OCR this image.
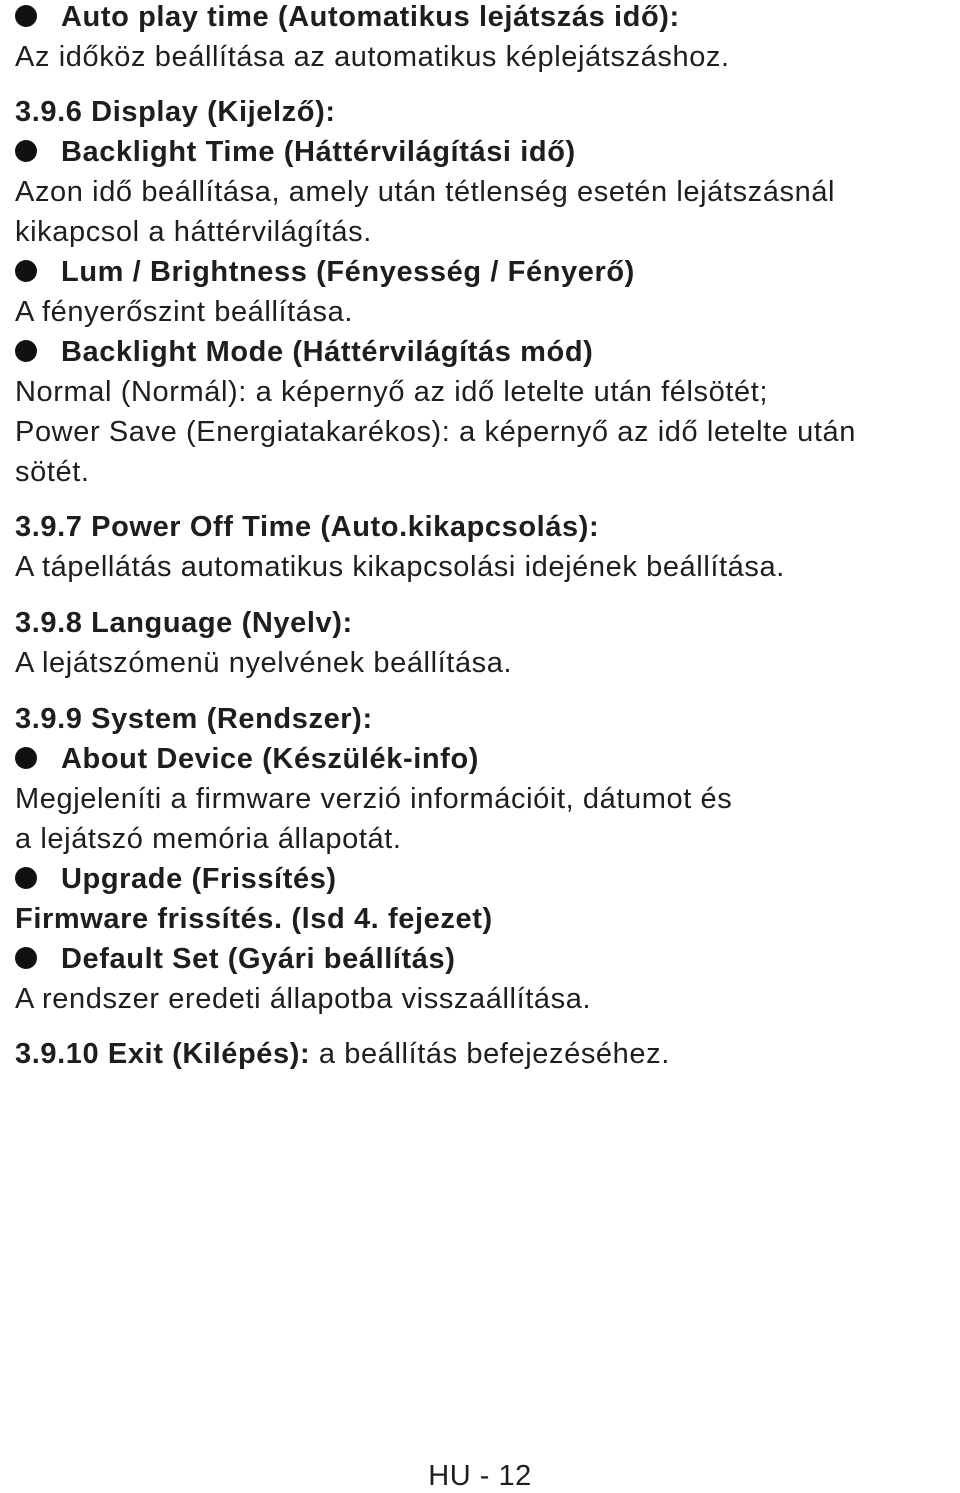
Auto play time (Automatikus lejátszás idő):
Az időköz beállítása az automatikus képlejátszáshoz.
3.9.6 Display (Kijelző):
Backlight Time (Háttérvilágítási idő)
Azon idő beállítása, amely után tétlenség esetén lejátszásnál
kikapcsol a háttérvilágítás.
Lum / Brightness (Fényesség / Fényerő)
A fényerőszint beállítása.
Backlight Mode (Háttérvilágítás mód)
Normal (Normál): a képernyő az idő letelte után félsötét;
Power Save (Energiatakarékos): a képernyő az idő letelte után
sötét.
3.9.7 Power Off Time (Auto.kikapcsolás):
A tápellátás automatikus kikapcsolási idejének beállítása.
3.9.8 Language (Nyelv):
A lejátszómenü nyelvének beállítása.
3.9.9 System (Rendszer):
About Device (Készülék-info)
Megjeleníti a firmware verzió információit, dátumot és
a lejátszó memória állapotát.
Upgrade (Frissítés)
Firmware frissítés. (lsd 4. fejezet)
Default Set (Gyári beállítás)
A rendszer eredeti állapotba visszaállítása.
3.9.10 Exit (Kilépés): a beállítás befejezéséhez.
HU - 12
